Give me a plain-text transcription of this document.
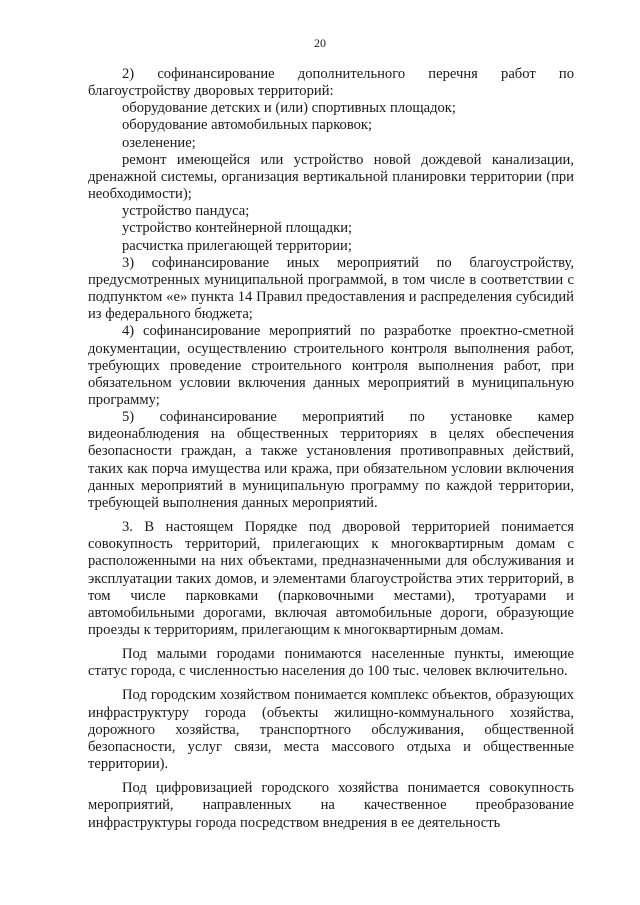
20

2) софинансирование дополнительного перечня работ по благоустройству дворовых территорий:

оборудование детских и (или) спортивных площадок;

оборудование автомобильных парковок;

озеленение;

ремонт имеющейся или устройство новой дождевой канализации, дренажной системы, организация вертикальной планировки территории (при необходимости);

устройство пандуса;

устройство контейнерной площадки;

расчистка прилегающей территории;

3) софинансирование иных мероприятий по благоустройству, предусмотренных муниципальной программой, в том числе в соответствии с подпунктом «е» пункта 14 Правил предоставления и распределения субсидий из федерального бюджета;

4) софинансирование мероприятий по разработке проектно-сметной документации, осуществлению строительного контроля выполнения работ, требующих проведение строительного контроля выполнения работ, при обязательном условии включения данных мероприятий в муниципальную программу;

5) софинансирование мероприятий по установке камер видеонаблюдения на общественных территориях в целях обеспечения безопасности граждан, а также установления противоправных действий, таких как порча имущества или кража, при обязательном условии включения данных мероприятий в муниципальную программу по каждой территории, требующей выполнения данных мероприятий.

3. В настоящем Порядке под дворовой территорией понимается совокупность территорий, прилегающих к многоквартирным домам с расположенными на них объектами, предназначенными для обслуживания и эксплуатации таких домов, и элементами благоустройства этих территорий, в том числе парковками (парковочными местами), тротуарами и автомобильными дорогами, включая автомобильные дороги, образующие проезды к территориям, прилегающим к многоквартирным домам.

Под малыми городами понимаются населенные пункты, имеющие статус города, с численностью населения до 100 тыс. человек включительно.

Под городским хозяйством понимается комплекс объектов, образующих инфраструктуру города (объекты жилищно-коммунального хозяйства, дорожного хозяйства, транспортного обслуживания, общественной безопасности, услуг связи, места массового отдыха и общественные территории).

Под цифровизацией городского хозяйства понимается совокупность мероприятий, направленных на качественное преобразование инфраструктуры города посредством внедрения в ее деятельность
